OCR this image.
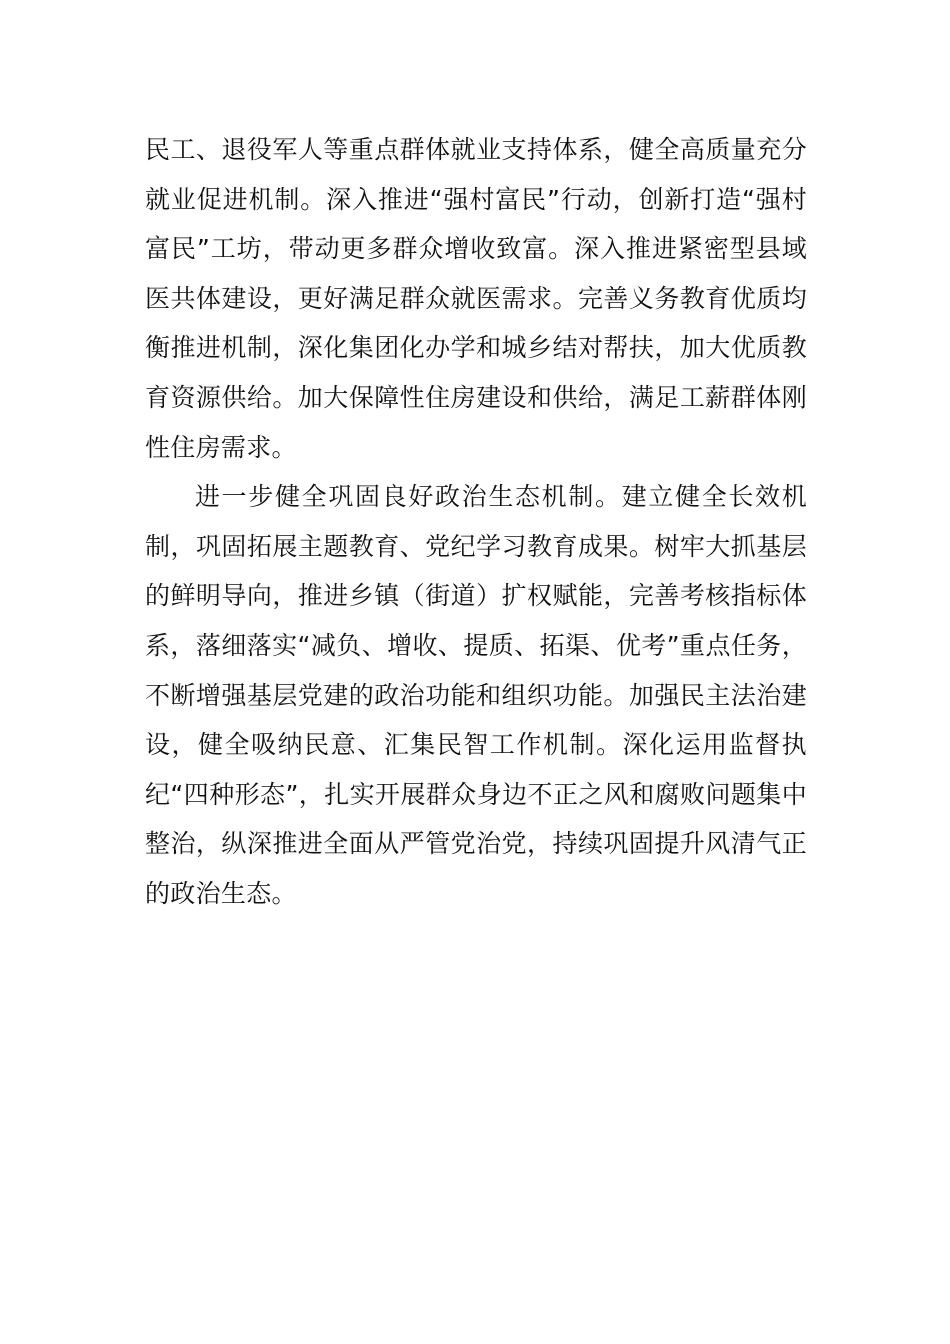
民工、退役军人等重点群体就业支持体系，健全高质量充分就业促进机制。深入推进“强村富民”行动，创新打造“强村富民”工坊，带动更多群众增收致富。深入推进紧密型县域医共体建设，更好满足群众就医需求。完善义务教育优质均衡推进机制，深化集团化办学和城乡结对帮扶，加大优质教育资源供给。加大保障性住房建设和供给，满足工薪群体刚性住房需求。

进一步健全巩固良好政治生态机制。建立健全长效机制，巩固拓展主题教育、党纪学习教育成果。树牢大抓基层的鲜明导向，推进乡镇（街道）扩权赋能，完善考核指标体系，落细落实“减负、增收、提质、拓渠、优考”重点任务，不断增强基层党建的政治功能和组织功能。加强民主法治建设，健全吸纳民意、汇集民智工作机制。深化运用监督执纪“四种形态”，扎实开展群众身边不正之风和腐败问题集中整治，纵深推进全面从严管党治党，持续巩固提升风清气正的政治生态。
